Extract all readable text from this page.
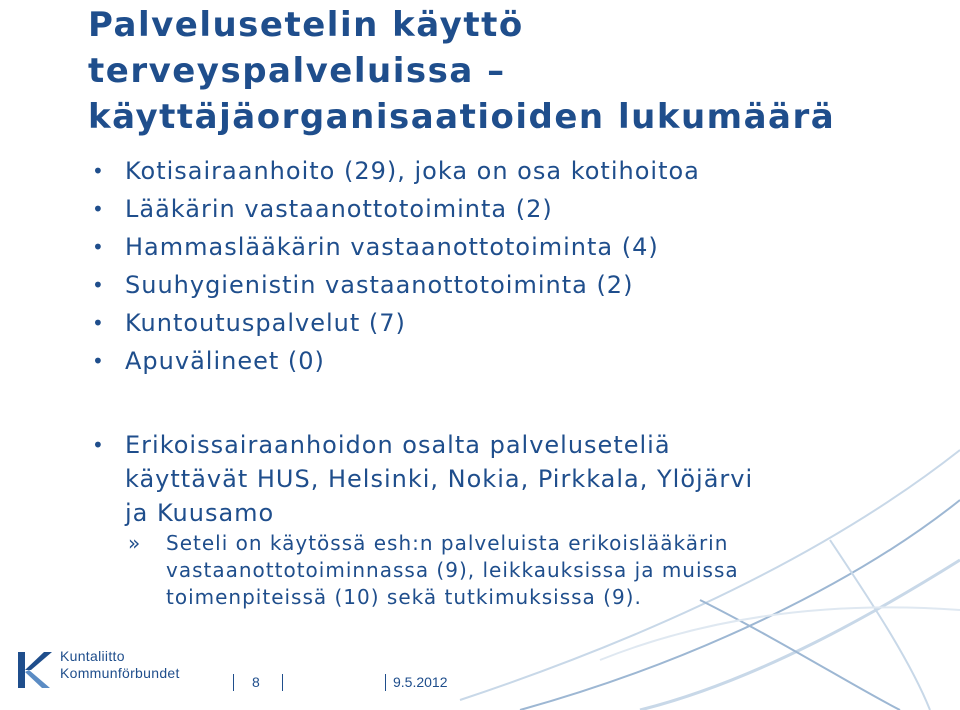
Palvelusetelin käyttö
terveyspalveluissa –
käyttäjäorganisaatioiden lukumäärä
• Kotisairaanhoito (29), joka on osa kotihoitoa
• Lääkärin vastaanottotoiminta (2)
• Hammaslääkärin vastaanottotoiminta (4)
• Suuhygienistin vastaanottotoiminta (2)
• Kuntoutuspalvelut (7)
• Apuvälineet (0)
• Erikoissairaanhoidon osalta palveluseteliä
käyttävät HUS, Helsinki, Nokia, Pirkkala, Ylöjärvi
ja Kuusamo
» Seteli on käytössä esh:n palveluista erikoislääkärin
vastaanottotoiminnassa (9), leikkauksissa ja muissa
toimenpiteissä (10) sekä tutkimuksissa (9).
Kuntaliitto
Kommunförbundet
8	9.5.2012
